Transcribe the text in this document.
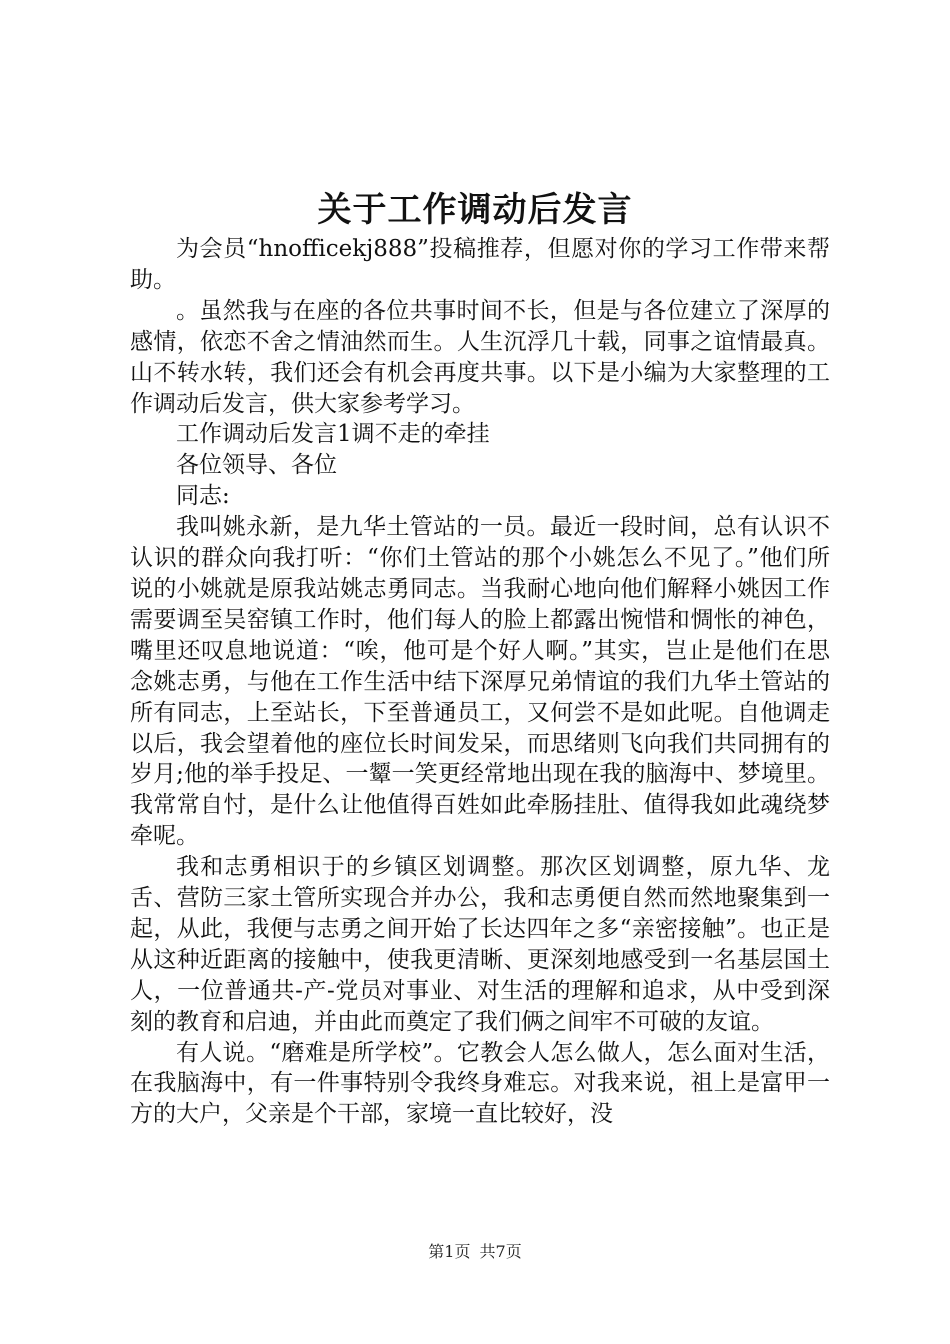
关于工作调动后发言

为会员“hnofficekj888”投稿推荐，但愿对你的学习工作带来帮助。

。虽然我与在座的各位共事时间不长，但是与各位建立了深厚的感情，依恋不舍之情油然而生。人生沉浮几十载，同事之谊情最真。山不转水转，我们还会有机会再度共事。以下是小编为大家整理的工作调动后发言，供大家参考学习。

工作调动后发言1调不走的牵挂

各位领导、各位

同志:

我叫姚永新，是九华土管站的一员。最近一段时间，总有认识不认识的群众向我打听：“你们土管站的那个小姚怎么不见了。”他们所说的小姚就是原我站姚志勇同志。当我耐心地向他们解释小姚因工作需要调至吴窑镇工作时，他们每人的脸上都露出惋惜和惆怅的神色，嘴里还叹息地说道：“唉，他可是个好人啊。”其实，岂止是他们在思念姚志勇，与他在工作生活中结下深厚兄弟情谊的我们九华土管站的所有同志，上至站长，下至普通员工，又何尝不是如此呢。自他调走以后，我会望着他的座位长时间发呆，而思绪则飞向我们共同拥有的岁月;他的举手投足、一颦一笑更经常地出现在我的脑海中、梦境里。我常常自忖，是什么让他值得百姓如此牵肠挂肚、值得我如此魂绕梦牵呢。

我和志勇相识于的乡镇区划调整。那次区划调整，原九华、龙舌、营防三家土管所实现合并办公，我和志勇便自然而然地聚集到一起，从此，我便与志勇之间开始了长达四年之多“亲密接触”。也正是从这种近距离的接触中，使我更清晰、更深刻地感受到一名基层国土人，一位普通共-产-党员对事业、对生活的理解和追求，从中受到深刻的教育和启迪，并由此而奠定了我们俩之间牢不可破的友谊。

有人说。“磨难是所学校”。它教会人怎么做人，怎么面对生活，在我脑海中，有一件事特别令我终身难忘。对我来说，祖上是富甲一方的大户，父亲是个干部，家境一直比较好，没

第1页 共7页
